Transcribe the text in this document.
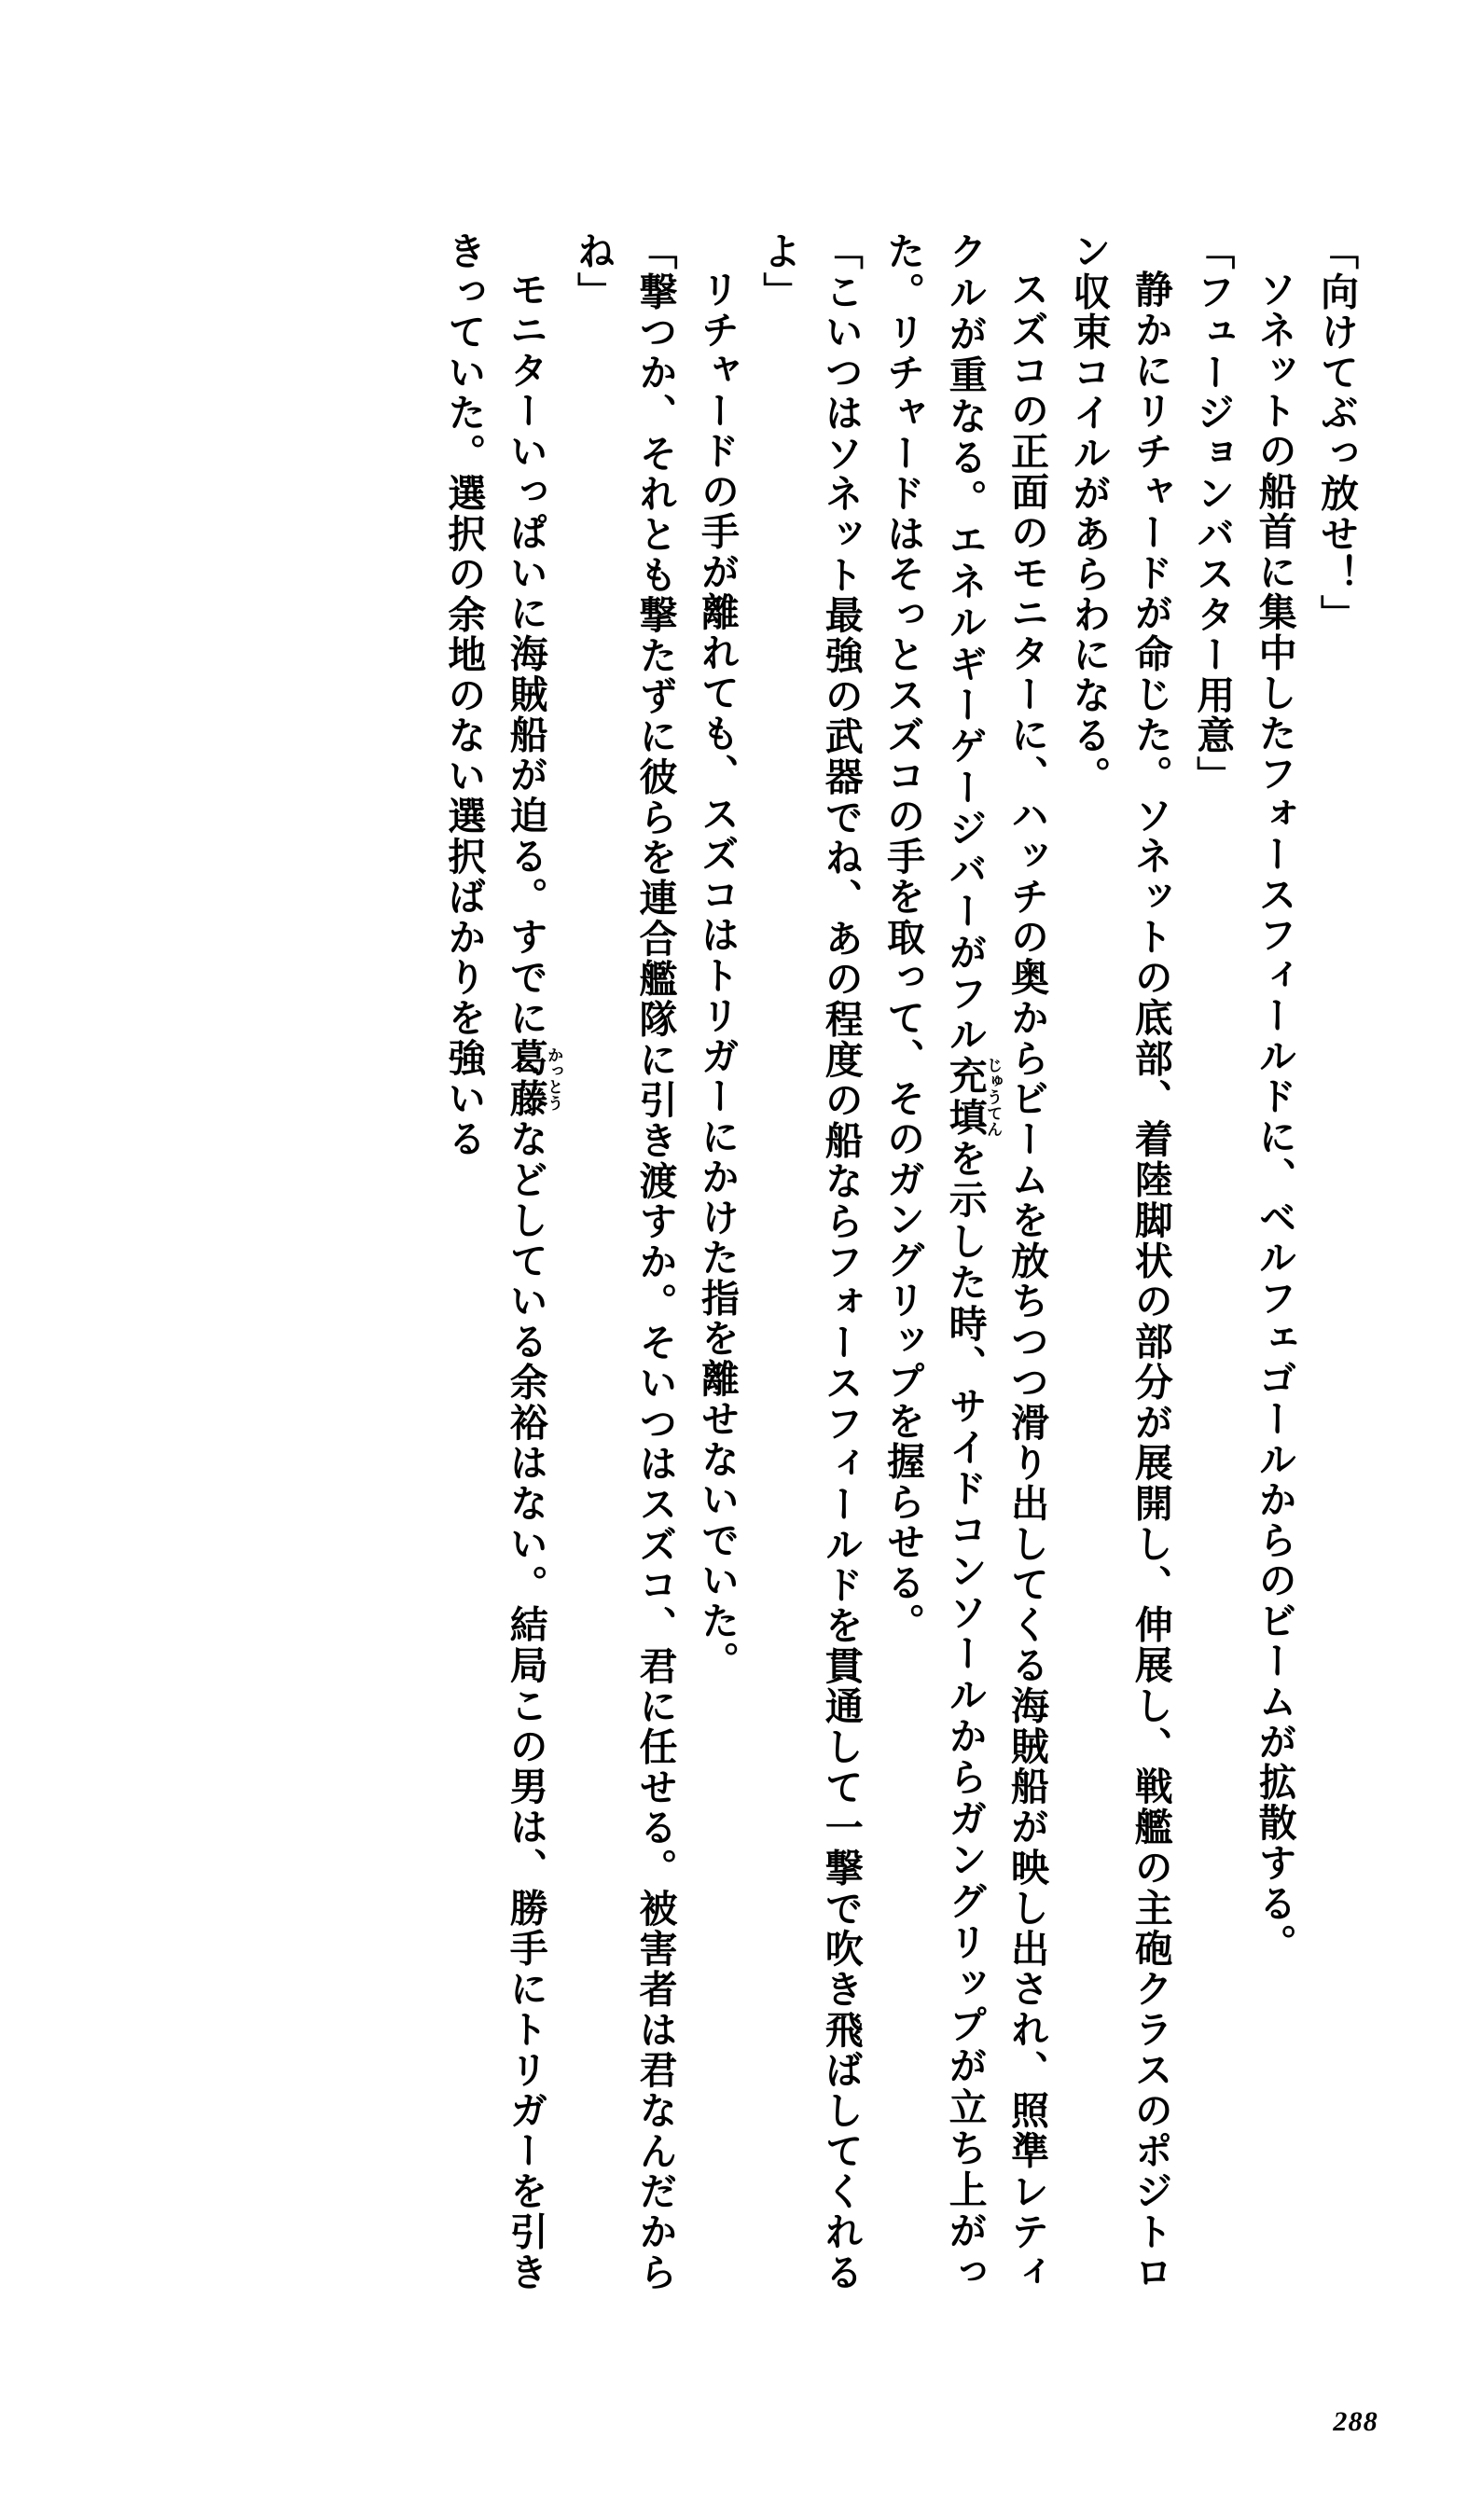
「向けてぶっ放せ！」

ソネットの船首に集中したフォースフィールドに、ベルフェゴールからのビームが拡散する。

「フュージョンバスター用意」

静かにリチャードが命じた。ソネットの底部、着陸脚状の部分が展開し、伸展し、戦艦の主砲クラスのポジトロン収束コイルがあらわになる。

スズコの正面のモニターに、ハッチの奥からビームを放ちつつ滑り出してくる海賊船が映し出され、照準レティクルが重なる。エネルギーゲージバーがフル充填じゅうてんを示した時、サイドコンソールからガングリップが立ち上がった。リチャードはそっとスズコの手を取って、そのガングリップを握らせる。

「こいつはソネット最強の武器でね、あの程度の船ならフォースフィールドを貫通して一撃で吹き飛ばしてくれるよ」

リチャードの手が離れても、スズコはトリガーにかけた指を離せないでいた。

「撃つか、それとも撃たずに彼らを連合艦隊に引き渡すか。そいつはスズコ、君に任せる。被害者は君なんだからね」

モニターいっぱいに海賊船が迫る。すでに葛藤かっとうなどしている余裕はない。結局この男は、勝手にトリガーを引ききっていた。選択の余地のない選択ばかりを強いる

288
